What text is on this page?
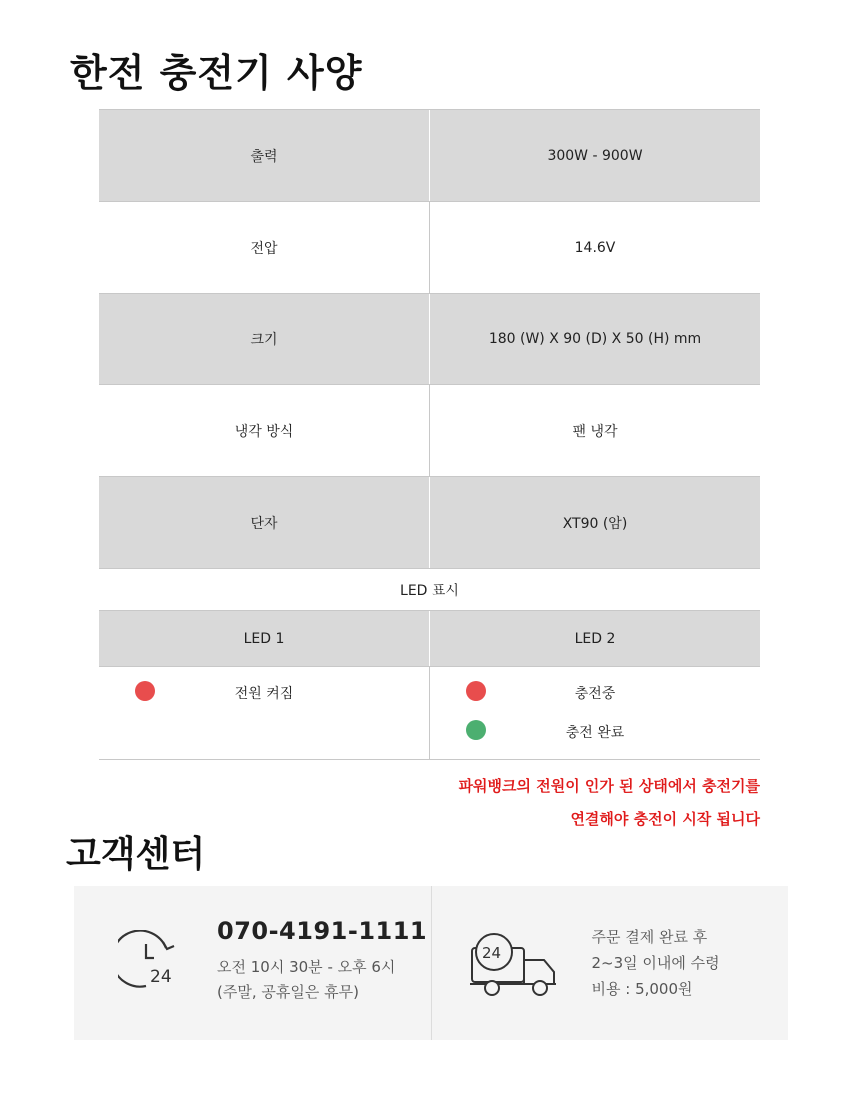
한전 충전기 사양
출력	300W - 900W
전압	14.6V
크기	180 (W) X 90 (D) X 50 (H) mm
냉각 방식	팬 냉각
단자	XT90 (암)
LED 표시
LED 1	LED 2
전원 켜짐	충전중
충전 완료
파워뱅크의 전원이 인가 된 상태에서 충전기를
연결해야 충전이 시작 됩니다
고객센터
24
070-4191-1111
오전 10시 30분 - 오후 6시
(주말, 공휴일은 휴무)
24
주문 결제 완료 후
2~3일 이내에 수령
비용 : 5,000원
